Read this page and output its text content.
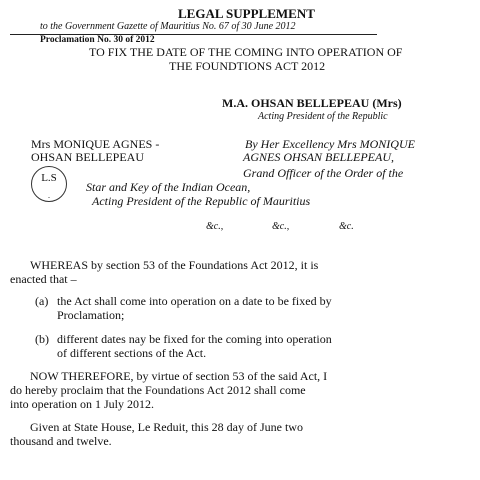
LEGAL SUPPLEMENT
to the Government Gazette of Mauritius No. 67 of 30 June 2012
Proclamation No. 30 of 2012
TO FIX THE DATE OF THE COMING INTO OPERATION OF
THE FOUNDTIONS ACT 2012
M.A. OHSAN BELLEPEAU (Mrs)
Acting President of the Republic
Mrs MONIQUE AGNES -
OHSAN BELLEPEAU
By Her Excellency Mrs MONIQUE
AGNES OHSAN BELLEPEAU,
Grand Officer of the Order of the
L.S
.
Star and Key of the Indian Ocean,
Acting President of the Republic of Mauritius
&c.,	&c.,	&c.
WHEREAS by section 53 of the Foundations Act 2012, it is
enacted that –
(a) the Act shall come into operation on a date to be fixed by
Proclamation;
(b) different dates nay be fixed for the coming into operation
of different sections of the Act.
NOW THEREFORE, by virtue of section 53 of the said Act, I
do hereby proclaim that the Foundations Act 2012 shall come
into operation on 1 July 2012.
Given at State House, Le Reduit, this 28 day of June two
thousand and twelve.
